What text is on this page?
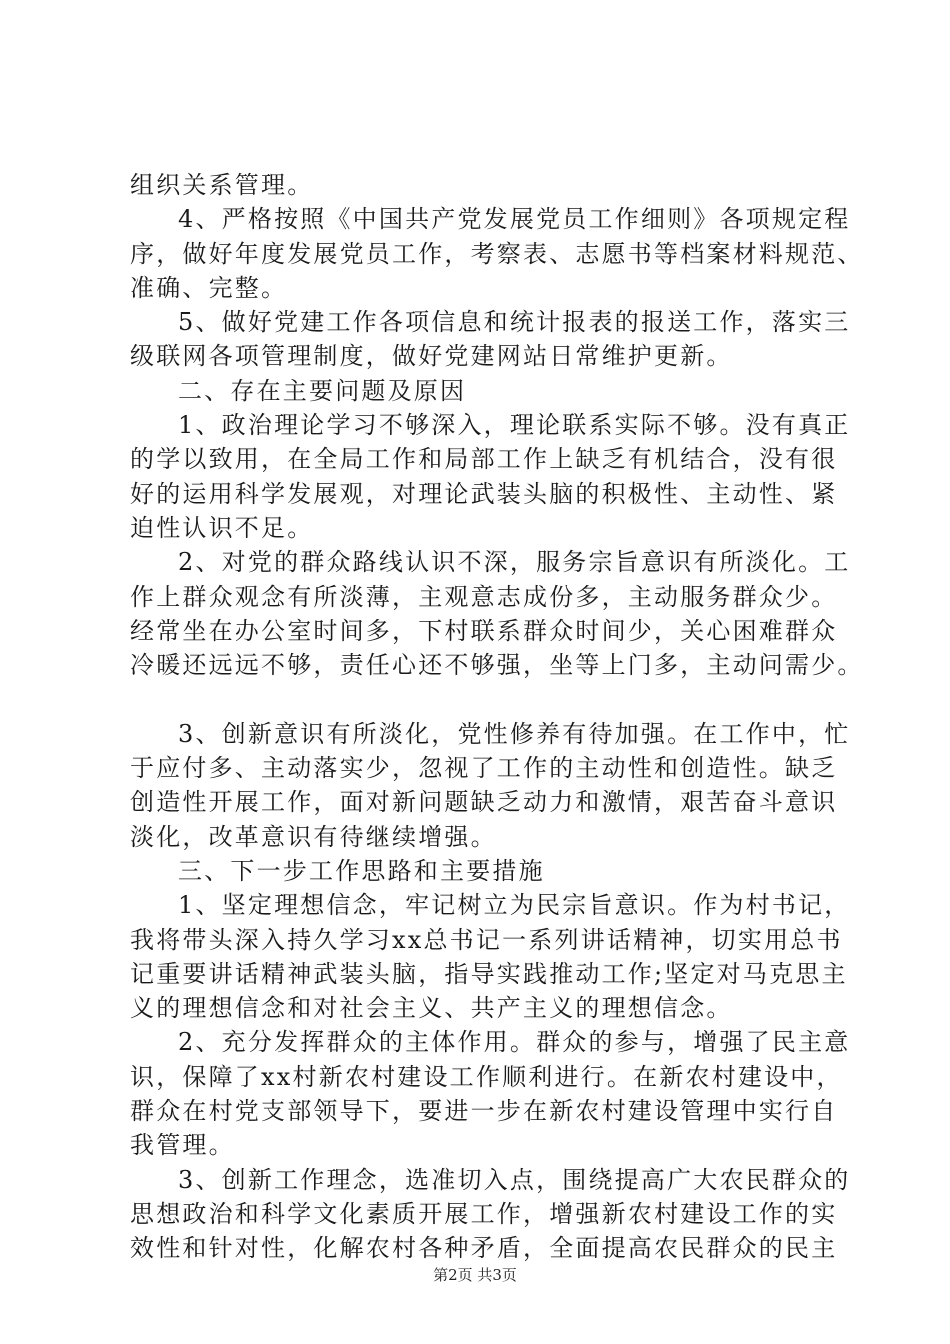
组织关系管理。
4、严格按照《中国共产党发展党员工作细则》各项规定程
序，做好年度发展党员工作，考察表、志愿书等档案材料规范、
准确、完整。
5、做好党建工作各项信息和统计报表的报送工作，落实三
级联网各项管理制度，做好党建网站日常维护更新。
二、存在主要问题及原因
1、政治理论学习不够深入，理论联系实际不够。没有真正
的学以致用，在全局工作和局部工作上缺乏有机结合，没有很
好的运用科学发展观，对理论武装头脑的积极性、主动性、紧
迫性认识不足。
2、对党的群众路线认识不深，服务宗旨意识有所淡化。工
作上群众观念有所淡薄，主观意志成份多，主动服务群众少。
经常坐在办公室时间多，下村联系群众时间少，关心困难群众
冷暖还远远不够，责任心还不够强，坐等上门多，主动问需少。
3、创新意识有所淡化，党性修养有待加强。在工作中，忙
于应付多、主动落实少，忽视了工作的主动性和创造性。缺乏
创造性开展工作，面对新问题缺乏动力和激情，艰苦奋斗意识
淡化，改革意识有待继续增强。
三、下一步工作思路和主要措施
1、坚定理想信念，牢记树立为民宗旨意识。作为村书记，
我将带头深入持久学习xx总书记一系列讲话精神，切实用总书
记重要讲话精神武装头脑，指导实践推动工作;坚定对马克思主
义的理想信念和对社会主义、共产主义的理想信念。
2、充分发挥群众的主体作用。群众的参与，增强了民主意
识，保障了xx村新农村建设工作顺利进行。在新农村建设中，
群众在村党支部领导下，要进一步在新农村建设管理中实行自
我管理。
3、创新工作理念，选准切入点，围绕提高广大农民群众的
思想政治和科学文化素质开展工作，增强新农村建设工作的实
效性和针对性，化解农村各种矛盾，全面提高农民群众的民主
第2页 共3页
